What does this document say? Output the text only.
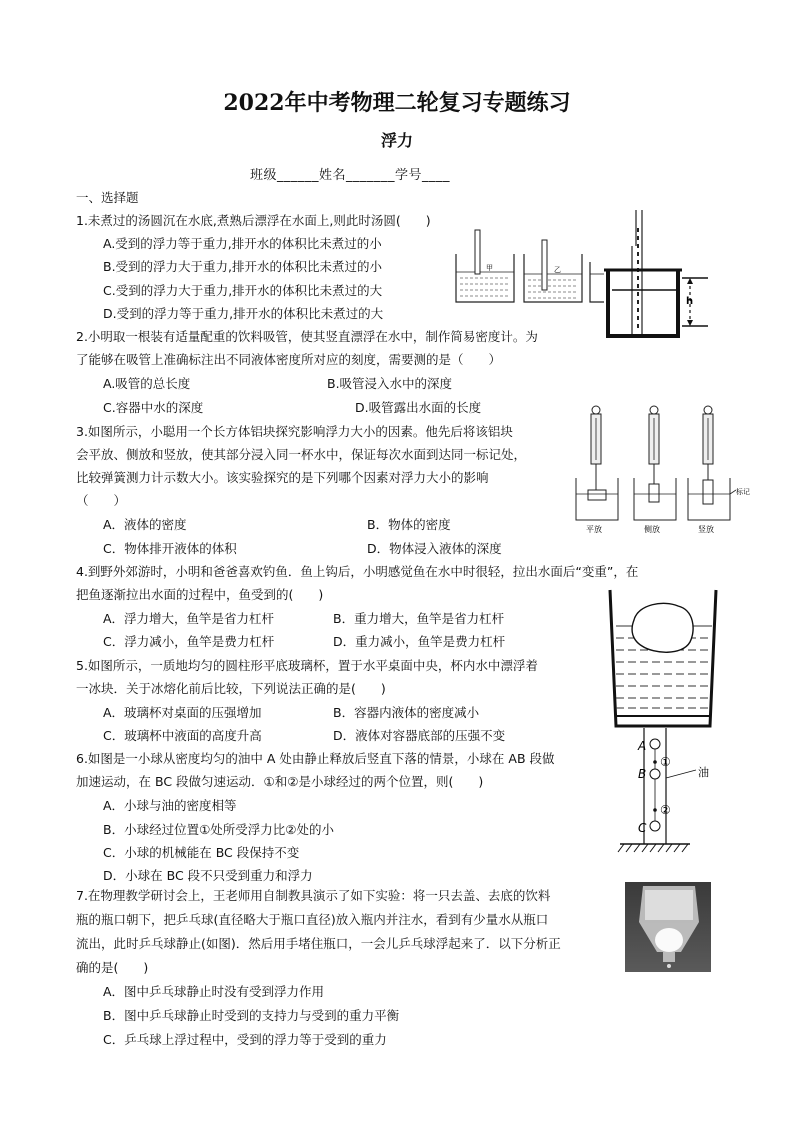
2022年中考物理二轮复习专题练习
浮力
班级______姓名_______学号____
一、选择题
1.未煮过的汤圆沉在水底,煮熟后漂浮在水面上,则此时汤圆(　　)
A.受到的浮力等于重力,排开水的体积比未煮过的小
B.受到的浮力大于重力,排开水的体积比未煮过的小
C.受到的浮力大于重力,排开水的体积比未煮过的大
D.受到的浮力等于重力,排开水的体积比未煮过的大
甲	乙
h
2.小明取一根装有适量配重的饮料吸管，使其竖直漂浮在水中，制作简易密度计。为
了能够在吸管上准确标注出不同液体密度所对应的刻度，需要测的是（　　）
A.吸管的总长度	B.吸管浸入水中的深度
C.容器中水的深度	D.吸管露出水面的长度
3.如图所示，小聪用一个长方体铝块探究影响浮力大小的因素。他先后将该铝块
会平放、侧放和竖放，使其部分浸入同一杯水中，保证每次水面到达同一标记处，
比较弹簧测力计示数大小。该实验探究的是下列哪个因素对浮力大小的影响
（　　）
A．液体的密度	B．物体的密度
C．物体排开液体的体积	D．物体浸入液体的深度
平放	侧放
标记
竖放
4.到野外郊游时，小明和爸爸喜欢钓鱼．鱼上钩后，小明感觉鱼在水中时很轻，拉出水面后“变重”，在
把鱼逐渐拉出水面的过程中，鱼受到的(　　)
A．浮力增大，鱼竿是省力杠杆	B．重力增大，鱼竿是省力杠杆
C．浮力减小，鱼竿是费力杠杆	D．重力减小，鱼竿是费力杠杆
5.如图所示，一质地均匀的圆柱形平底玻璃杯，置于水平桌面中央，杯内水中漂浮着
一冰块．关于冰熔化前后比较，下列说法正确的是(　　)
A．玻璃杯对桌面的压强增加	B．容器内液体的密度减小
C．玻璃杯中液面的高度升高	D．液体对容器底部的压强不变
A
B
C
①
②
油
6.如图是一小球从密度均匀的油中 A 处由静止释放后竖直下落的情景，小球在 AB 段做
加速运动，在 BC 段做匀速运动．①和②是小球经过的两个位置，则(　　)
A．小球与油的密度相等
B．小球经过位置①处所受浮力比②处的小
C．小球的机械能在 BC 段保持不变
D．小球在 BC 段不只受到重力和浮力
7.在物理教学研讨会上，王老师用自制教具演示了如下实验：将一只去盖、去底的饮料
瓶的瓶口朝下，把乒乓球(直径略大于瓶口直径)放入瓶内并注水，看到有少量水从瓶口
流出，此时乒乓球静止(如图)．然后用手堵住瓶口，一会儿乒乓球浮起来了．以下分析正
确的是(　　)
A．图中乒乓球静止时没有受到浮力作用
B．图中乒乓球静止时受到的支持力与受到的重力平衡
C．乒乓球上浮过程中，受到的浮力等于受到的重力
